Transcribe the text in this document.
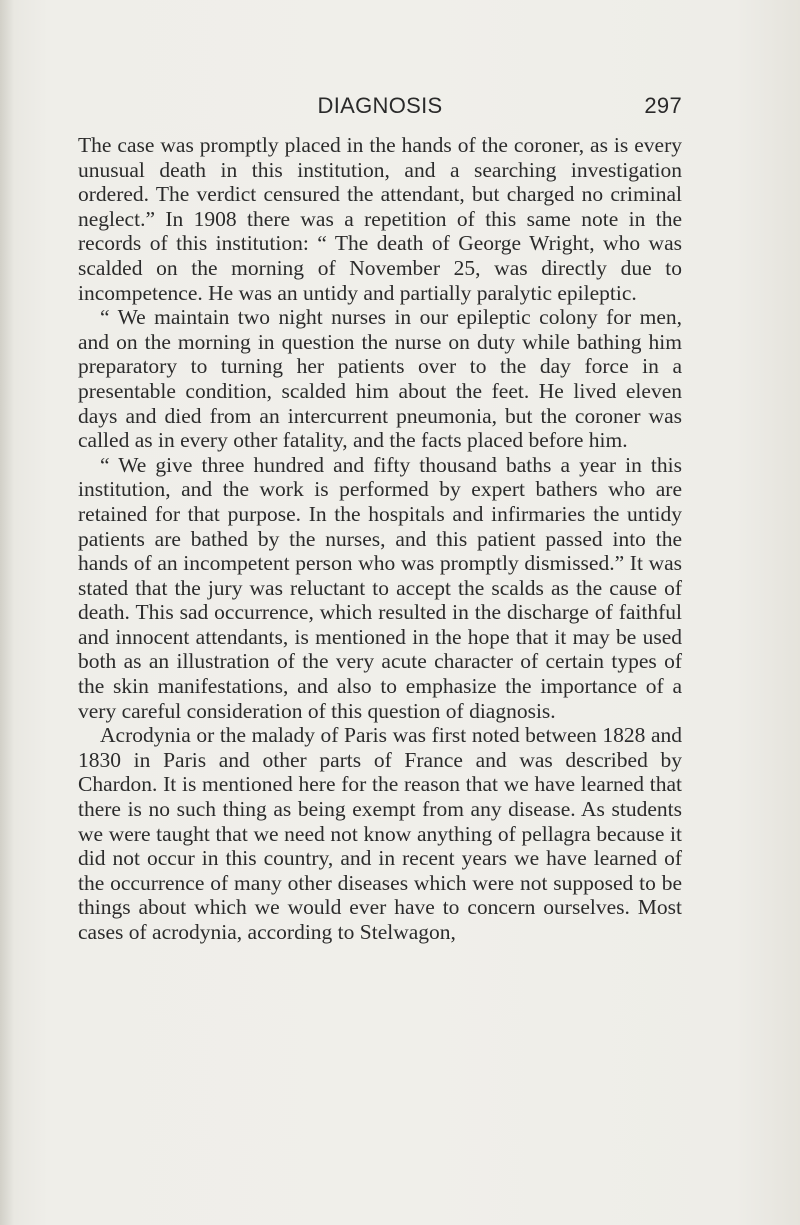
DIAGNOSIS	297

The case was promptly placed in the hands of the coroner, as is every unusual death in this institution, and a searching investigation ordered. The verdict censured the attendant, but charged no criminal neglect.” In 1908 there was a repetition of this same note in the records of this institution: “ The death of George Wright, who was scalded on the morning of November 25, was directly due to incompetence. He was an untidy and partially paralytic epileptic.

“ We maintain two night nurses in our epileptic colony for men, and on the morning in question the nurse on duty while bathing him preparatory to turning her patients over to the day force in a presentable condition, scalded him about the feet. He lived eleven days and died from an intercurrent pneumonia, but the coroner was called as in every other fatality, and the facts placed before him.

“ We give three hundred and fifty thousand baths a year in this institution, and the work is performed by expert bathers who are retained for that purpose. In the hospitals and infirmaries the untidy patients are bathed by the nurses, and this patient passed into the hands of an incompetent person who was promptly dismissed.” It was stated that the jury was reluctant to accept the scalds as the cause of death. This sad occurrence, which resulted in the discharge of faithful and innocent attendants, is mentioned in the hope that it may be used both as an illustration of the very acute character of certain types of the skin manifestations, and also to emphasize the importance of a very careful consideration of this question of diagnosis.

Acrodynia or the malady of Paris was first noted between 1828 and 1830 in Paris and other parts of France and was described by Chardon. It is mentioned here for the reason that we have learned that there is no such thing as being exempt from any disease. As students we were taught that we need not know anything of pellagra because it did not occur in this country, and in recent years we have learned of the occurrence of many other diseases which were not supposed to be things about which we would ever have to concern ourselves. Most cases of acrodynia, according to Stelwagon,
